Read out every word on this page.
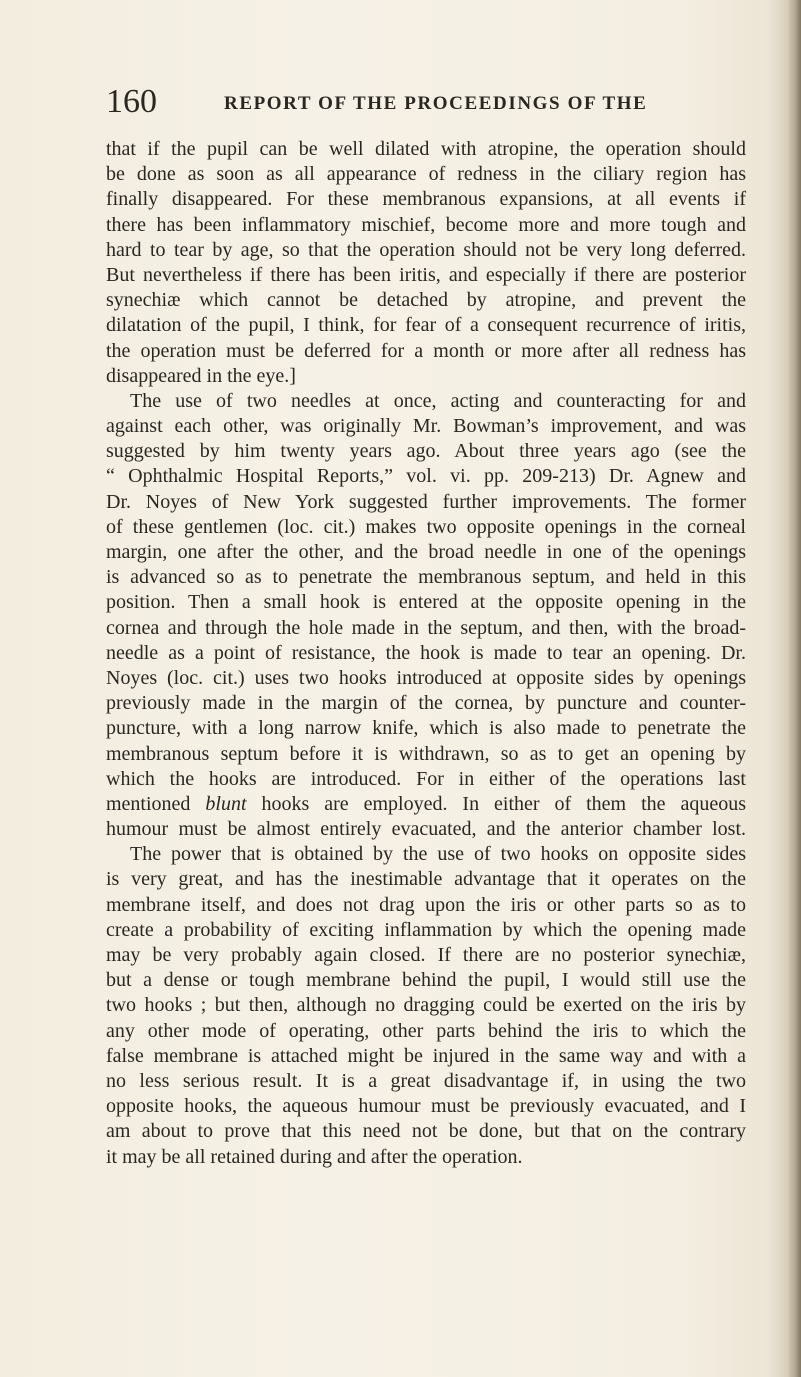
160	REPORT OF THE PROCEEDINGS OF THE
that if the pupil can be well dilated with atropine, the operation should
be done as soon as all appearance of redness in the ciliary region has
finally disappeared. For these membranous expansions, at all events if
there has been inflammatory mischief, become more and more tough and
hard to tear by age, so that the operation should not be very long deferred.
But nevertheless if there has been iritis, and especially if there are posterior
synechiæ which cannot be detached by atropine, and prevent the
dilatation of the pupil, I think, for fear of a consequent recurrence of iritis,
the operation must be deferred for a month or more after all redness has
disappeared in the eye.]
The use of two needles at once, acting and counteracting for and
against each other, was originally Mr. Bowman’s improvement, and was
suggested by him twenty years ago. About three years ago (see the
“ Ophthalmic Hospital Reports,” vol. vi. pp. 209-213) Dr. Agnew and
Dr. Noyes of New York suggested further improvements. The former
of these gentlemen (loc. cit.) makes two opposite openings in the corneal
margin, one after the other, and the broad needle in one of the openings
is advanced so as to penetrate the membranous septum, and held in this
position. Then a small hook is entered at the opposite opening in the
cornea and through the hole made in the septum, and then, with the broad-
needle as a point of resistance, the hook is made to tear an opening. Dr.
Noyes (loc. cit.) uses two hooks introduced at opposite sides by openings
previously made in the margin of the cornea, by puncture and counter-
puncture, with a long narrow knife, which is also made to penetrate the
membranous septum before it is withdrawn, so as to get an opening by
which the hooks are introduced. For in either of the operations last
mentioned blunt hooks are employed. In either of them the aqueous
humour must be almost entirely evacuated, and the anterior chamber lost.
The power that is obtained by the use of two hooks on opposite sides
is very great, and has the inestimable advantage that it operates on the
membrane itself, and does not drag upon the iris or other parts so as to
create a probability of exciting inflammation by which the opening made
may be very probably again closed. If there are no posterior synechiæ,
but a dense or tough membrane behind the pupil, I would still use the
two hooks ; but then, although no dragging could be exerted on the iris by
any other mode of operating, other parts behind the iris to which the
false membrane is attached might be injured in the same way and with a
no less serious result. It is a great disadvantage if, in using the two
opposite hooks, the aqueous humour must be previously evacuated, and I
am about to prove that this need not be done, but that on the contrary
it may be all retained during and after the operation.
